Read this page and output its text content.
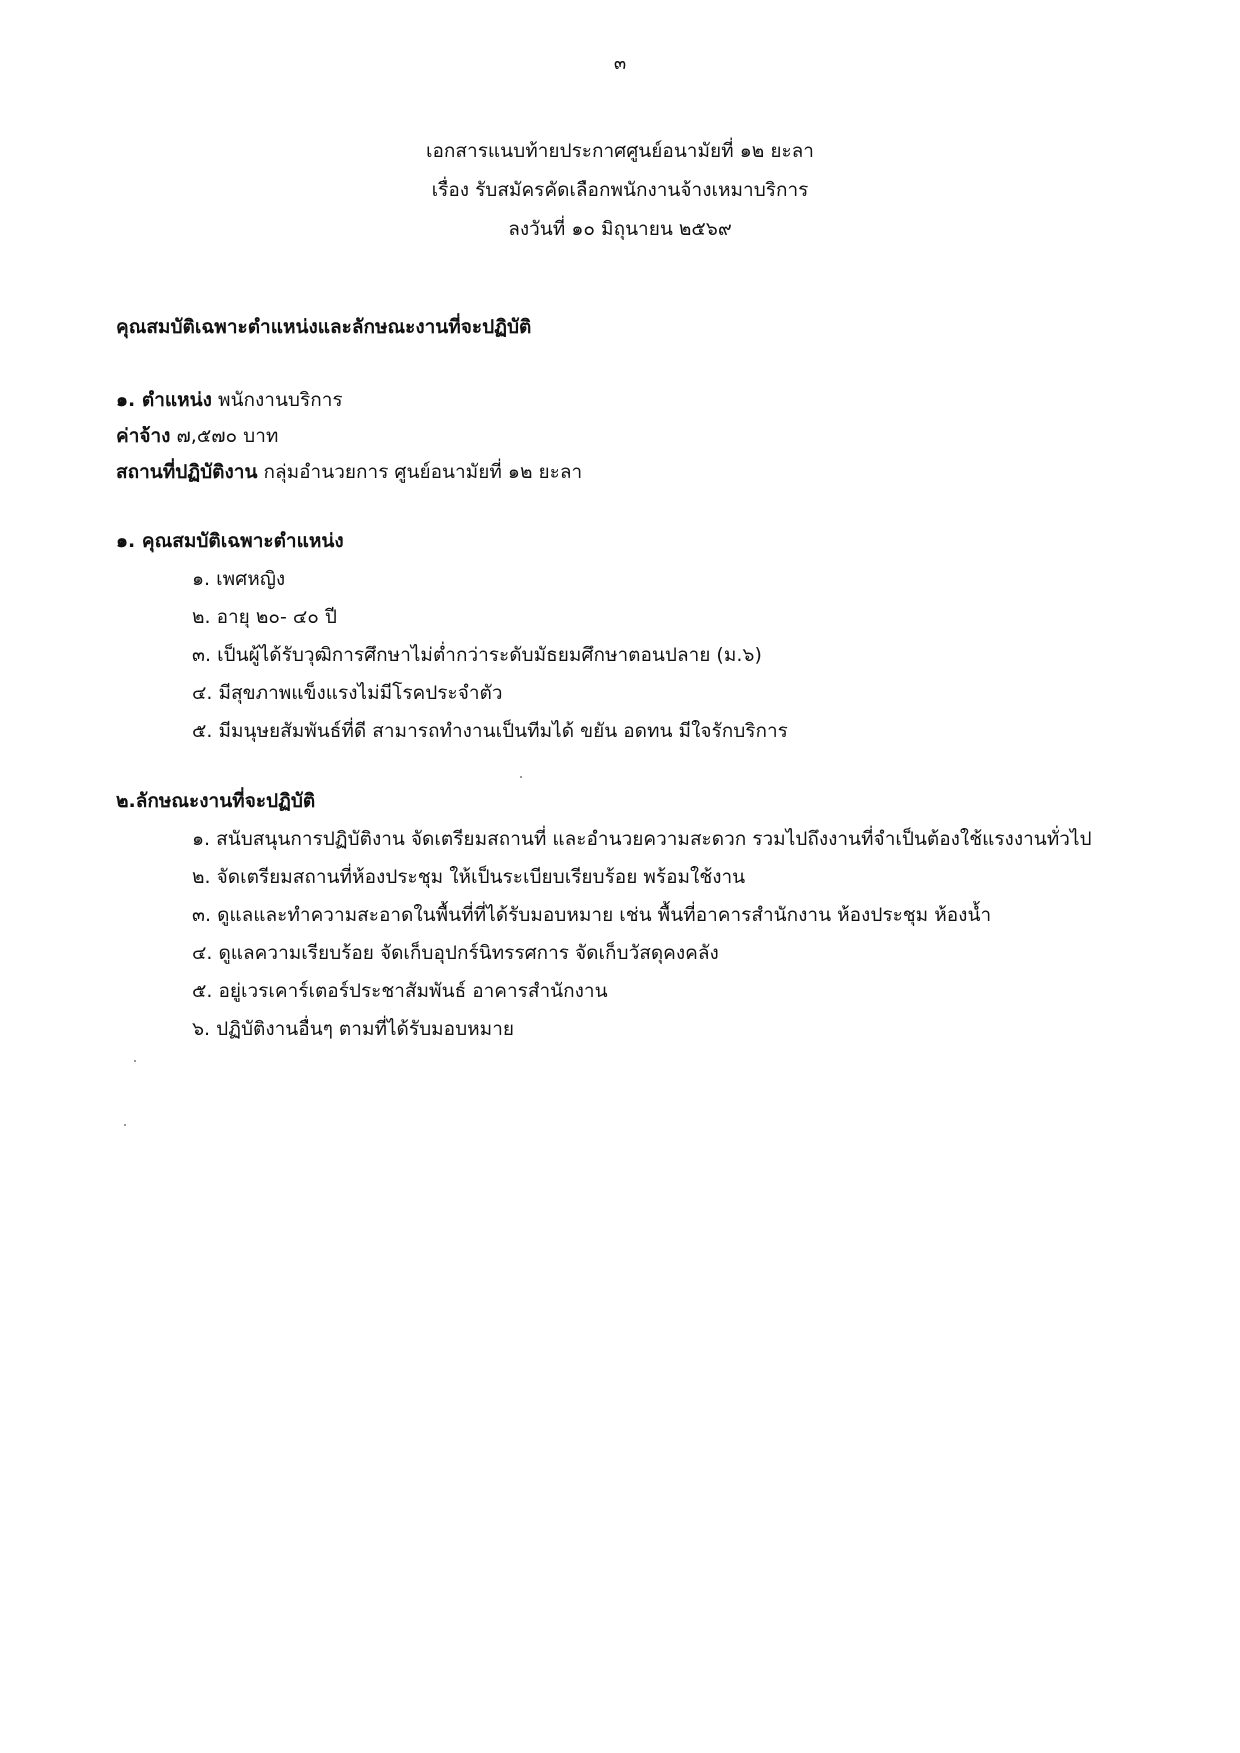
๓
เอกสารแนบท้ายประกาศศูนย์อนามัยที่ ๑๒ ยะลา
เรื่อง รับสมัครคัดเลือกพนักงานจ้างเหมาบริการ
ลงวันที่ ๑๐ มิถุนายน ๒๕๖๙
คุณสมบัติเฉพาะตำแหน่งและลักษณะงานที่จะปฏิบัติ
๑. ตำแหน่ง พนักงานบริการ
ค่าจ้าง ๗,๕๗๐ บาท
สถานที่ปฏิบัติงาน กลุ่มอำนวยการ ศูนย์อนามัยที่ ๑๒ ยะลา
๑. คุณสมบัติเฉพาะตำแหน่ง
๑. เพศหญิง
๒. อายุ ๒๐- ๔๐ ปี
๓. เป็นผู้ได้รับวุฒิการศึกษาไม่ต่ำกว่าระดับมัธยมศึกษาตอนปลาย (ม.๖)
๔. มีสุขภาพแข็งแรงไม่มีโรคประจำตัว
๕. มีมนุษยสัมพันธ์ที่ดี สามารถทำงานเป็นทีมได้ ขยัน อดทน มีใจรักบริการ
๒.ลักษณะงานที่จะปฏิบัติ
๑. สนับสนุนการปฏิบัติงาน จัดเตรียมสถานที่ และอำนวยความสะดวก รวมไปถึงงานที่จำเป็นต้องใช้แรงงานทั่วไป
๒. จัดเตรียมสถานที่ห้องประชุม ให้เป็นระเบียบเรียบร้อย พร้อมใช้งาน
๓. ดูแลและทำความสะอาดในพื้นที่ที่ได้รับมอบหมาย เช่น พื้นที่อาคารสำนักงาน ห้องประชุม ห้องน้ำ
๔. ดูแลความเรียบร้อย จัดเก็บอุปกร์นิทรรศการ จัดเก็บวัสดุคงคลัง
๕. อยู่เวรเคาร์เตอร์ประชาสัมพันธ์ อาคารสำนักงาน
๖. ปฏิบัติงานอื่นๆ ตามที่ได้รับมอบหมาย
